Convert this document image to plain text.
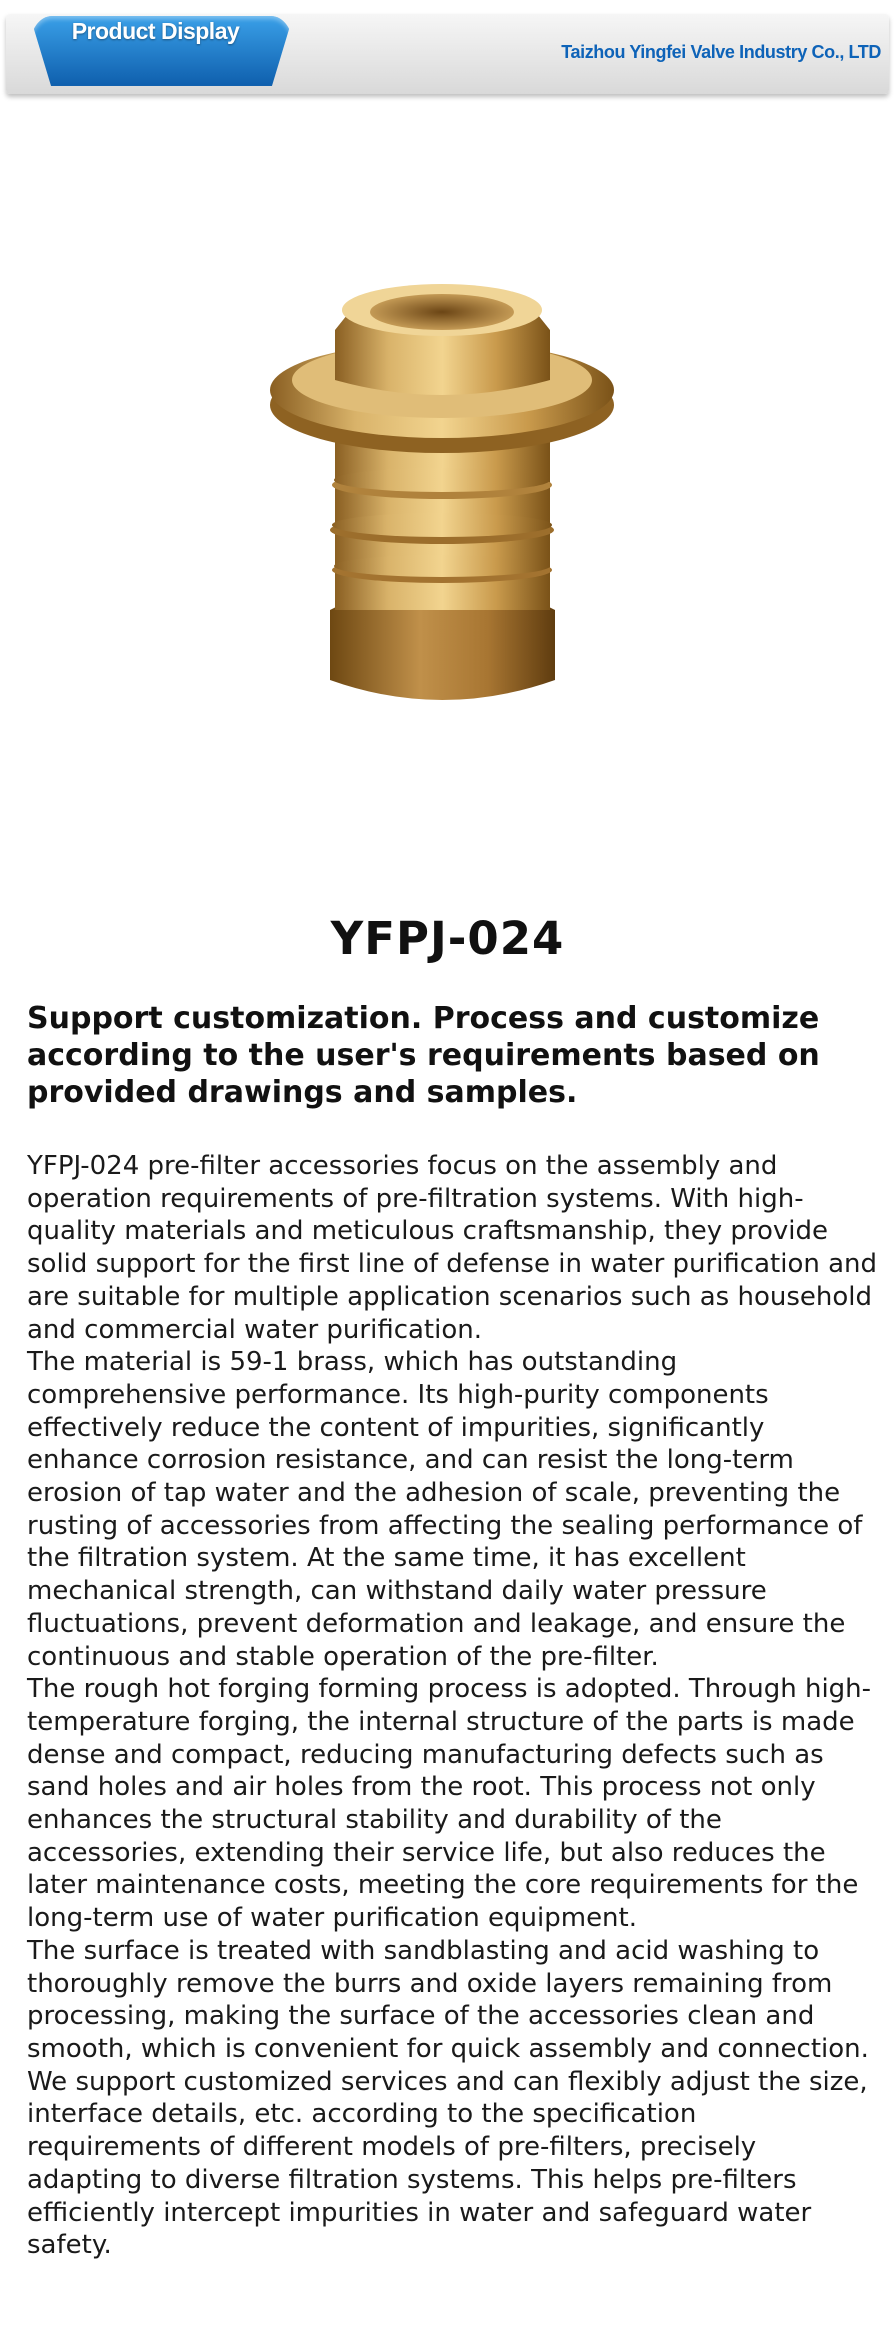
Product Display
Taizhou Yingfei Valve Industry Co., LTD
YFPJ-024
Support customization. Process and customize according to the user's requirements based on provided drawings and samples.

YFPJ-024 pre-filter accessories focus on the assembly and operation requirements of pre-filtration systems. With high-quality materials and meticulous craftsmanship, they provide solid support for the first line of defense in water purification and are suitable for multiple application scenarios such as household and commercial water purification.

The material is 59-1 brass, which has outstanding comprehensive performance. Its high-purity components effectively reduce the content of impurities, significantly enhance corrosion resistance, and can resist the long-term erosion of tap water and the adhesion of scale, preventing the rusting of accessories from affecting the sealing performance of the filtration system. At the same time, it has excellent mechanical strength, can withstand daily water pressure fluctuations, prevent deformation and leakage, and ensure the continuous and stable operation of the pre-filter.

The rough hot forging forming process is adopted. Through high-temperature forging, the internal structure of the parts is made dense and compact, reducing manufacturing defects such as sand holes and air holes from the root. This process not only enhances the structural stability and durability of the accessories, extending their service life, but also reduces the later maintenance costs, meeting the core requirements for the long-term use of water purification equipment.

The surface is treated with sandblasting and acid washing to thoroughly remove the burrs and oxide layers remaining from processing, making the surface of the accessories clean and smooth, which is convenient for quick assembly and connection. We support customized services and can flexibly adjust the size, interface details, etc. according to the specification requirements of different models of pre-filters, precisely adapting to diverse filtration systems. This helps pre-filters efficiently intercept impurities in water and safeguard water safety.
